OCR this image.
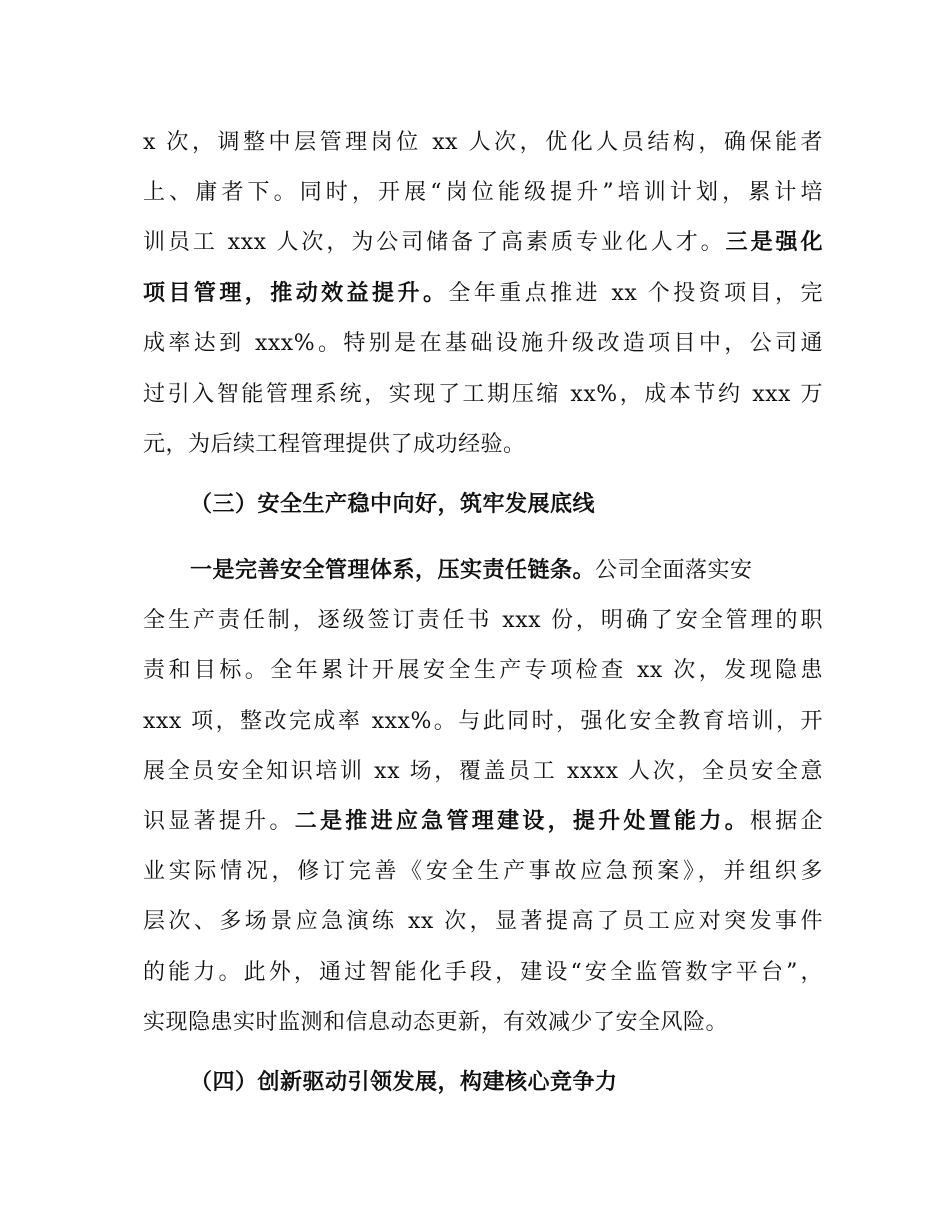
x 次，调整中层管理岗位 xx 人次，优化人员结构，确保能者
上、庸者下。同时，开展“岗位能级提升”培训计划，累计培
训员工 xxx 人次，为公司储备了高素质专业化人才。三是强化
项目管理，推动效益提升。全年重点推进 xx 个投资项目，完
成率达到 xxx%。特别是在基础设施升级改造项目中，公司通
过引入智能管理系统，实现了工期压缩 xx%，成本节约 xxx 万
元，为后续工程管理提供了成功经验。
（三）安全生产稳中向好，筑牢发展底线
一是完善安全管理体系，压实责任链条。公司全面落实安
全生产责任制，逐级签订责任书 xxx 份，明确了安全管理的职
责和目标。全年累计开展安全生产专项检查 xx 次，发现隐患
xxx 项，整改完成率 xxx%。与此同时，强化安全教育培训，开
展全员安全知识培训 xx 场，覆盖员工 xxxx 人次，全员安全意
识显著提升。二是推进应急管理建设，提升处置能力。根据企
业实际情况，修订完善《安全生产事故应急预案》，并组织多
层次、多场景应急演练 xx 次，显著提高了员工应对突发事件
的能力。此外，通过智能化手段，建设“安全监管数字平台”，
实现隐患实时监测和信息动态更新，有效减少了安全风险。
（四）创新驱动引领发展，构建核心竞争力
